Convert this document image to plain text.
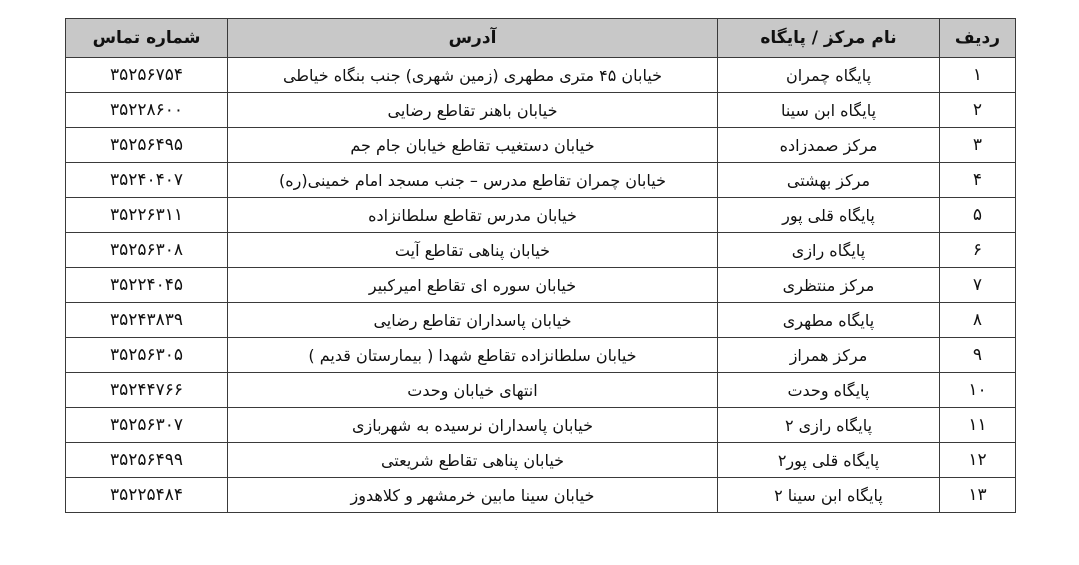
ردیف	نام مرکز / پایگاه	آدرس	شماره تماس
۱	پایگاه چمران	خیابان ۴۵ متری مطهری (زمین شهری) جنب بنگاه خیاطی	۳۵۲۵۶۷۵۴
۲	پایگاه ابن سینا	خیابان باهنر تقاطع رضایی	۳۵۲۲۸۶۰۰
۳	مرکز صمدزاده	خیابان دستغیب تقاطع خیابان جام جم	۳۵۲۵۶۴۹۵
۴	مرکز بهشتی	خیابان چمران تقاطع مدرس – جنب مسجد امام خمینی(ره)	۳۵۲۴۰۴۰۷
۵	پایگاه قلی پور	خیابان مدرس تقاطع سلطانزاده	۳۵۲۲۶۳۱۱
۶	پایگاه رازی	خیابان پناهی تقاطع آیت	۳۵۲۵۶۳۰۸
۷	مرکز منتظری	خیابان سوره ای تقاطع امیرکبیر	۳۵۲۲۴۰۴۵
۸	پایگاه مطهری	خیابان پاسداران تقاطع رضایی	۳۵۲۴۳۸۳۹
۹	مرکز همراز	خیابان سلطانزاده تقاطع شهدا ( بیمارستان قدیم )	۳۵۲۵۶۳۰۵
۱۰	پایگاه وحدت	انتهای خیابان وحدت	۳۵۲۴۴۷۶۶
۱۱	پایگاه رازی ۲	خیابان پاسداران نرسیده به شهربازی	۳۵۲۵۶۳۰۷
۱۲	پایگاه قلی پور۲	خیابان پناهی تقاطع شریعتی	۳۵۲۵۶۴۹۹
۱۳	پایگاه ابن سینا ۲	خیابان سینا مابین خرمشهر و کلاهدوز	۳۵۲۲۵۴۸۴
